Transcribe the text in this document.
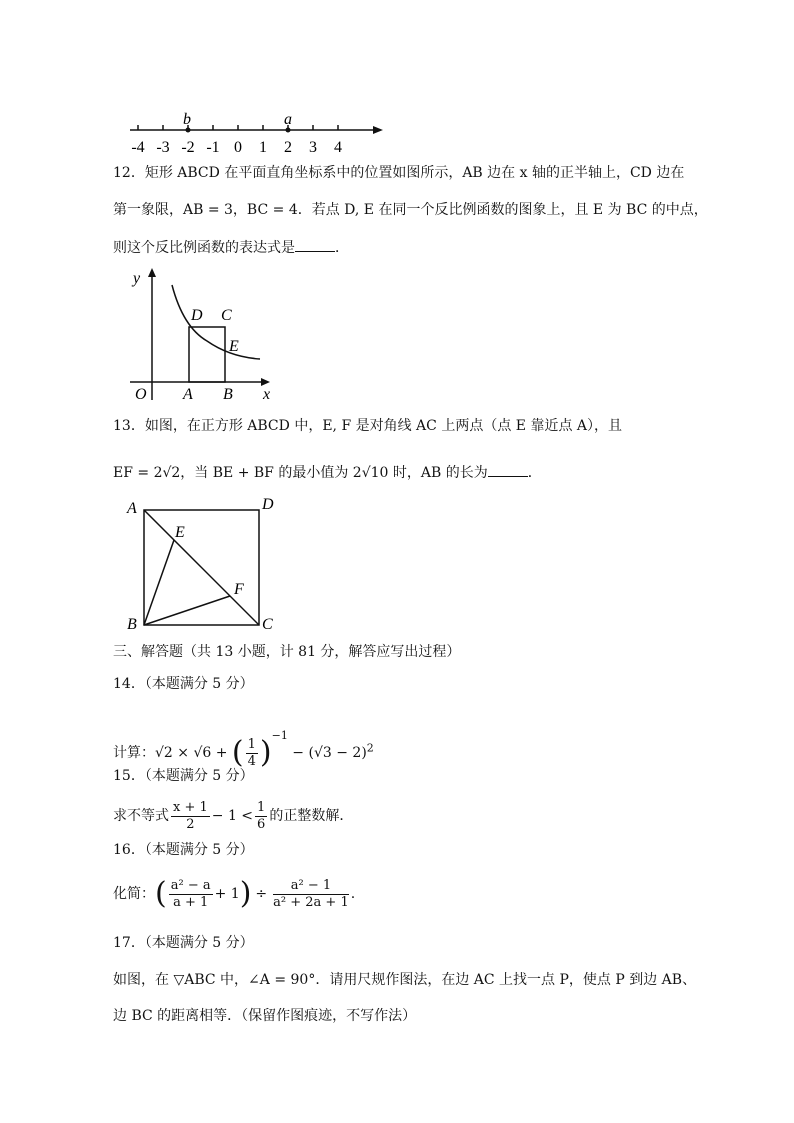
-4 -3 -2 -1 0 1 2 3 4
b	a
12．矩形 ABCD 在平面直角坐标系中的位置如图所示，AB 边在 x 轴的正半轴上，CD 边在
第一象限，AB = 3，BC = 4．若点 D, E 在同一个反比例函数的图象上，且 E 为 BC 的中点，
则这个反比例函数的表达式是	．
y
x
O A B
D C
E
13．如图，在正方形 ABCD 中，E, F 是对角线 AC 上两点（点 E 靠近点 A），且
EF = 2√2，当 BE + BF 的最小值为 2√10 时，AB 的长为	．
A	D
B	C
E
F
三、解答题（共 13 小题，计 81 分，解答应写出过程）
14．（本题满分 5 分）
计算：√2 × √6 + ( $\frac{1}{4} )^{-1} - (√3 - 2)^2$
15．（本题满分 5 分）
求不等式 $\frac{x + 1}{2} - 1 < \frac{1}{6}$ 的正整数解．
16．（本题满分 5 分）
化简：( $\frac{\text{a² − a}}{a + 1} + 1) \div \frac{\text{a² − 1}}{\text{a² + 2a + 1}}$ .
17．（本题满分 5 分）
如图，在 ▽ABC 中，∠A = 90°．请用尺规作图法，在边 AC 上找一点 P，使点 P 到边 AB、
边 BC 的距离相等．（保留作图痕迹，不写作法）
